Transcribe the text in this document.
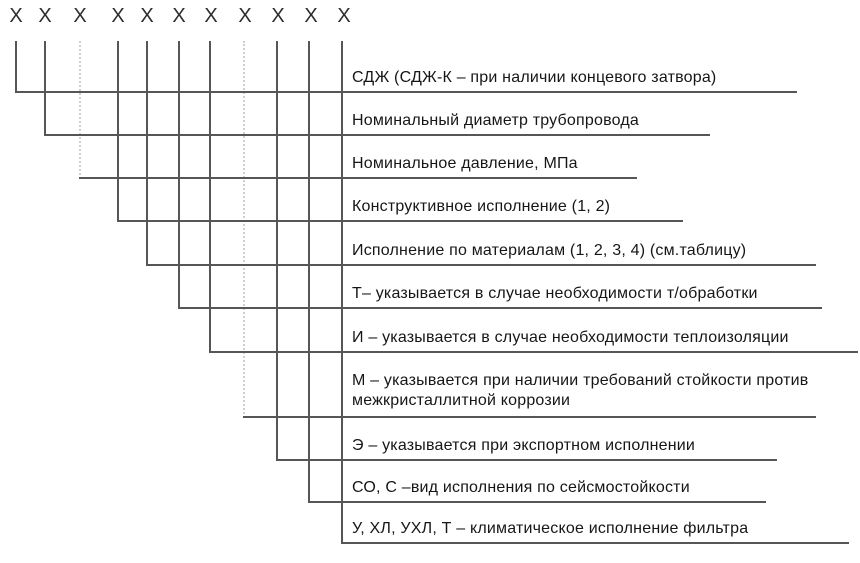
Х Х Х Х Х Х Х Х Х Х Х
СДЖ (СДЖ-К – при наличии концевого затвора)
Номинальный диаметр трубопровода
Номинальное давление, МПа
Конструктивное исполнение (1, 2)
Исполнение по материалам (1, 2, 3, 4) (см.таблицу)
Т– указывается в случае необходимости т/обработки
И – указывается в случае необходимости теплоизоляции
М – указывается при наличии требований стойкости против межкристаллитной коррозии
Э – указывается при экспортном исполнении
СО, С –вид исполнения по сейсмостойкости
У, ХЛ, УХЛ, Т – климатическое исполнение фильтра
